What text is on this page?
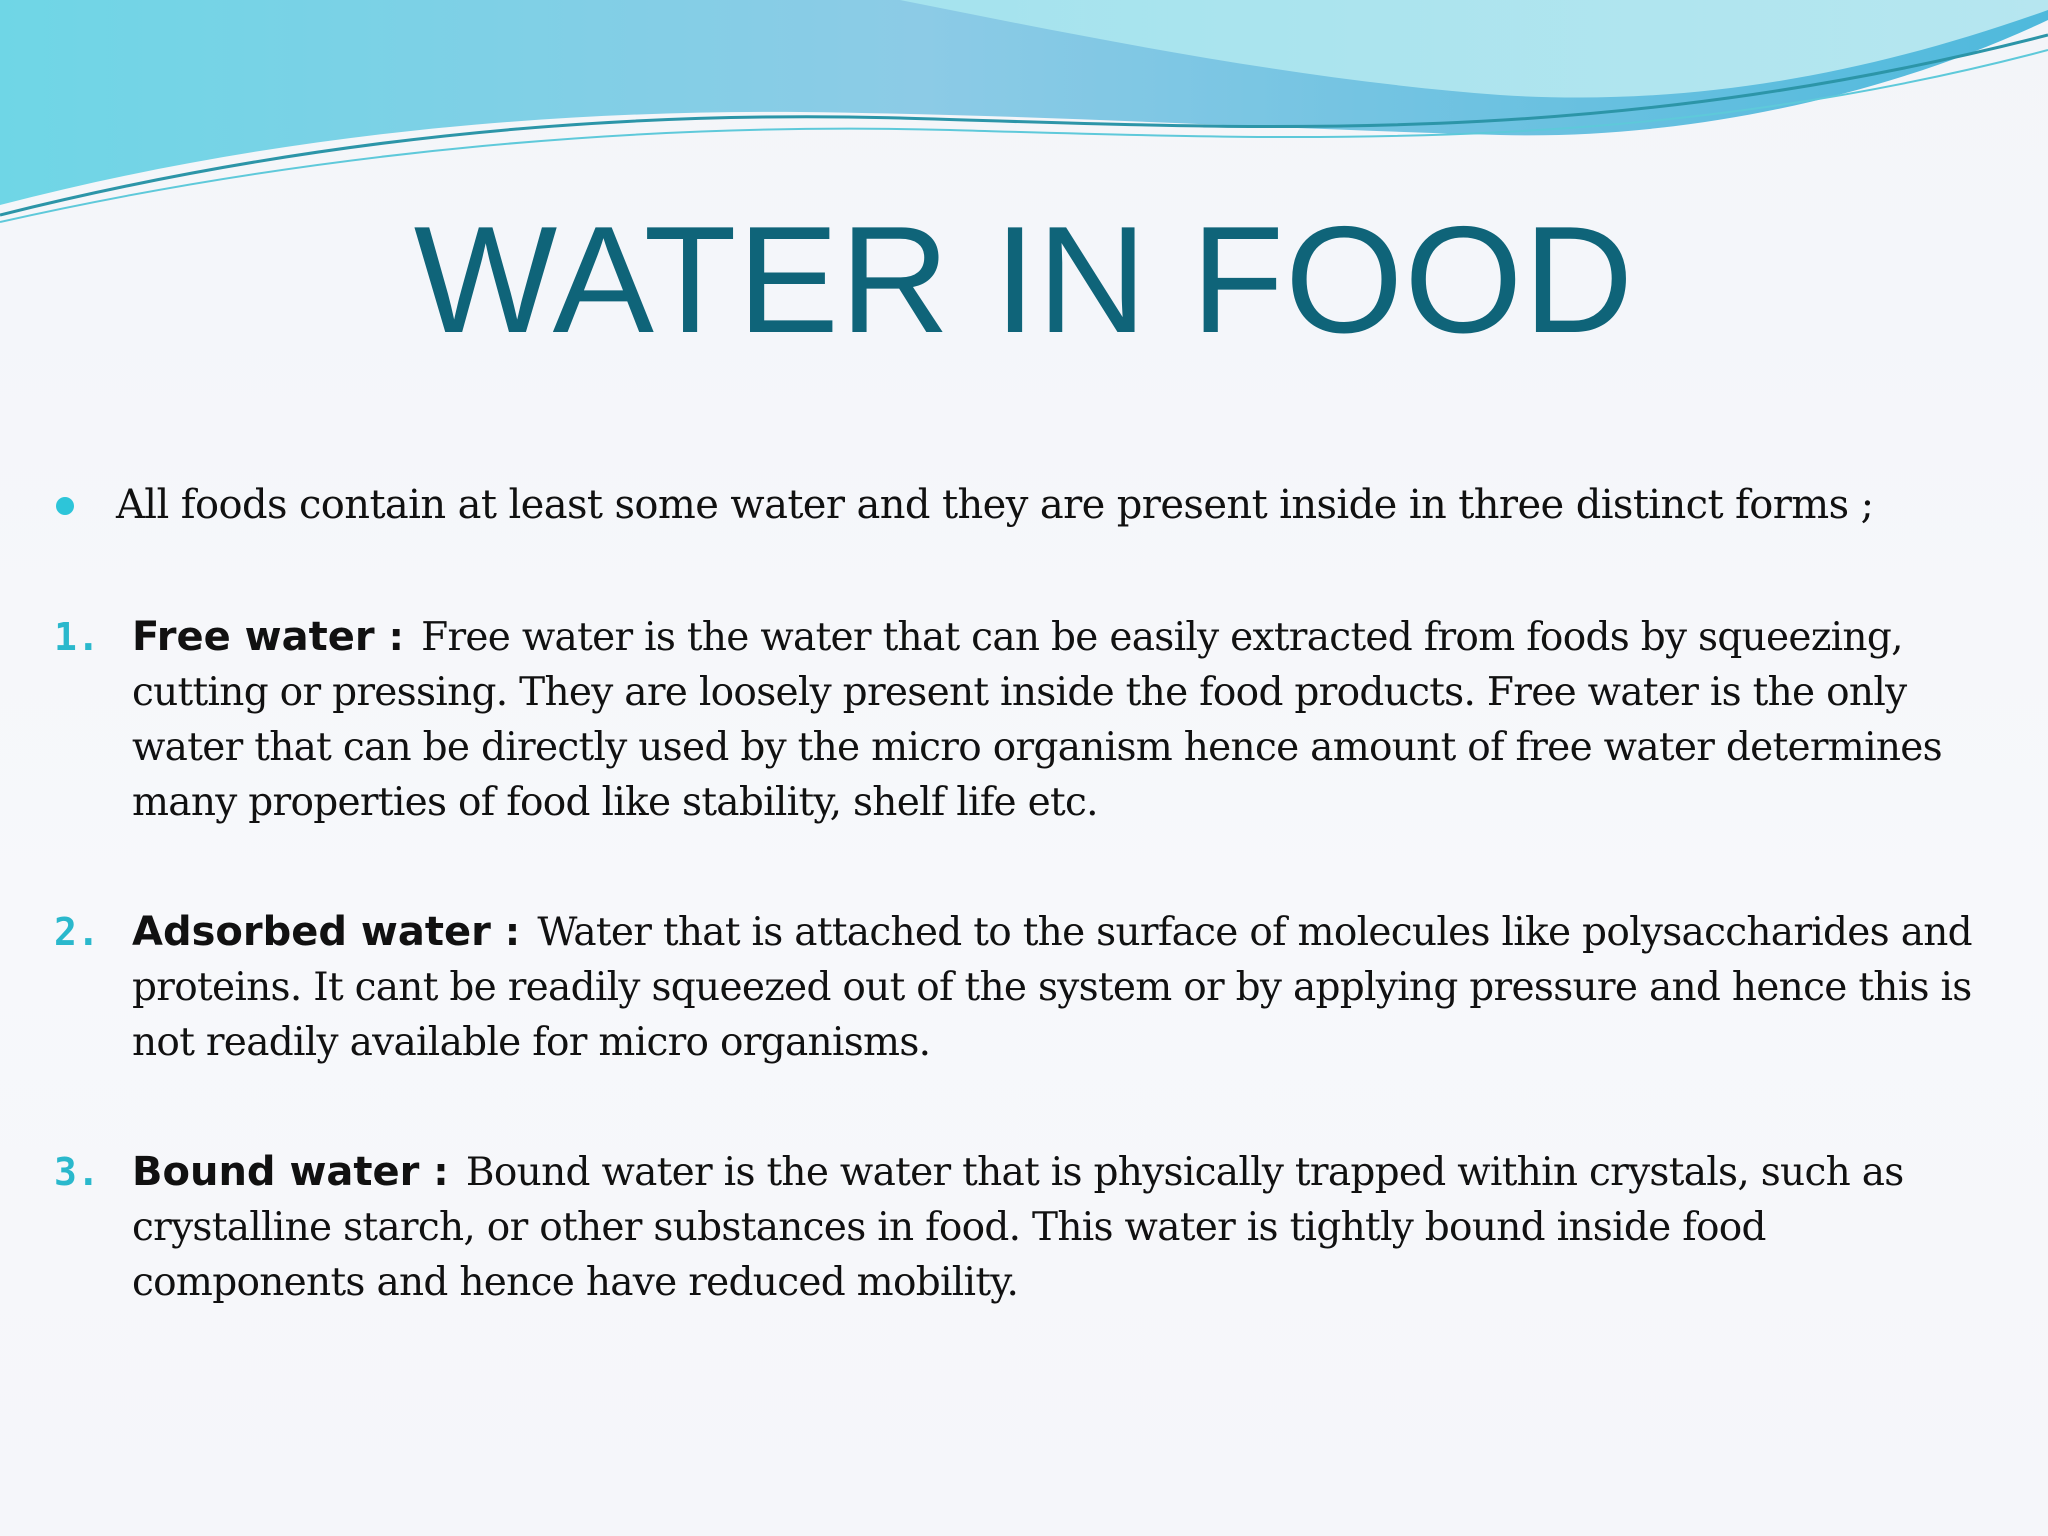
WATER IN FOOD
All foods contain at least some water and they are present inside in three distinct forms ;
1. Free water : Free water is the water that can be easily extracted from foods by squeezing, cutting or pressing. They are loosely present inside the food products. Free water is the only water that can be directly used by the micro organism hence amount of free water determines many properties of food like stability, shelf life etc.
2. Adsorbed water : Water that is attached to the surface of molecules like polysaccharides and proteins. It cant be readily squeezed out of the system or by applying pressure and hence this is not readily available for micro organisms.
3. Bound water : Bound water is the water that is physically trapped within crystals, such as crystalline starch, or other substances in food. This water is tightly bound inside food components and hence have reduced mobility.
